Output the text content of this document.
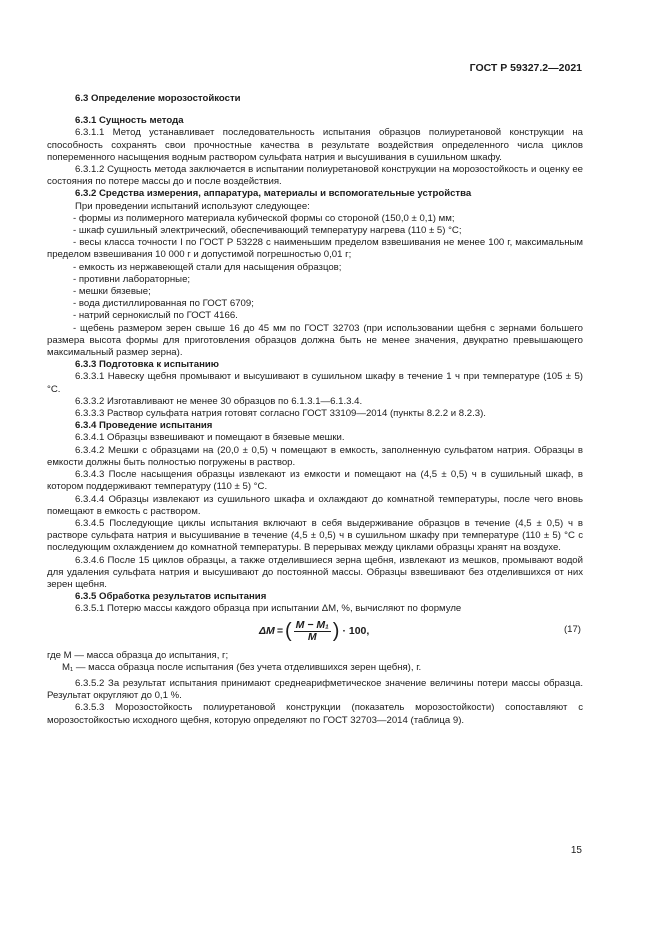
ГОСТ Р 59327.2—2021

6.3 Определение морозостойкости

6.3.1 Сущность метода

6.3.1.1 Метод устанавливает последовательность испытания образцов полиуретановой конструкции на способность сохранять свои прочностные качества в результате воздействия определенного числа циклов попеременного насыщения водным раствором сульфата натрия и высушивания в сушильном шкафу.

6.3.1.2 Сущность метода заключается в испытании полиуретановой конструкции на морозостойкость и оценку ее состояния по потере массы до и после воздействия.

6.3.2 Средства измерения, аппаратура, материалы и вспомогательные устройства

При проведении испытаний используют следующее:

- формы из полимерного материала кубической формы со стороной (150,0 ± 0,1) мм;

- шкаф сушильный электрический, обеспечивающий температуру нагрева (110 ± 5) °С;

- весы класса точности I по ГОСТ Р 53228 с наименьшим пределом взвешивания не менее 100 г, максимальным пределом взвешивания 10 000 г и допустимой погрешностью 0,01 г;

- емкость из нержавеющей стали для насыщения образцов;

- противни лабораторные;

- мешки бязевые;

- вода дистиллированная по ГОСТ 6709;

- натрий сернокислый по ГОСТ 4166.

- щебень размером зерен свыше 16 до 45 мм по ГОСТ 32703 (при использовании щебня с зернами большего размера высота формы для приготовления образцов должна быть не менее значения, двукратно превышающего максимальный размер зерна).

6.3.3 Подготовка к испытанию

6.3.3.1 Навеску щебня промывают и высушивают в сушильном шкафу в течение 1 ч при температуре (105 ± 5) °С.

6.3.3.2 Изготавливают не менее 30 образцов по 6.1.3.1—6.1.3.4.

6.3.3.3 Раствор сульфата натрия готовят согласно ГОСТ 33109—2014 (пункты 8.2.2 и 8.2.3).

6.3.4 Проведение испытания

6.3.4.1 Образцы взвешивают и помещают в бязевые мешки.

6.3.4.2 Мешки с образцами на (20,0 ± 0,5) ч помещают в емкость, заполненную сульфатом натрия. Образцы в емкости должны быть полностью погружены в раствор.

6.3.4.3 После насыщения образцы извлекают из емкости и помещают на (4,5 ± 0,5) ч в сушильный шкаф, в котором поддерживают температуру (110 ± 5) °С.

6.3.4.4 Образцы извлекают из сушильного шкафа и охлаждают до комнатной температуры, после чего вновь помещают в емкость с раствором.

6.3.4.5 Последующие циклы испытания включают в себя выдерживание образцов в течение (4,5 ± 0,5) ч в растворе сульфата натрия и высушивание в течение (4,5 ± 0,5) ч в сушильном шкафу при температуре (110 ± 5) °С с последующим охлаждением до комнатной температуры. В перерывах между циклами образцы хранят на воздухе.

6.3.4.6 После 15 циклов образцы, а также отделившиеся зерна щебня, извлекают из мешков, промывают водой для удаления сульфата натрия и высушивают до постоянной массы. Образцы взвешивают без отделившихся от них зерен щебня.

6.3.5 Обработка результатов испытания

6.3.5.1 Потерю массы каждого образца при испытании ΔM, %, вычисляют по формуле

ΔM = ( $\frac{\text{M − M₁}}{M}$ ) · 100,	(17)

где M — масса образца до испытания, г;

M₁ — масса образца после испытания (без учета отделившихся зерен щебня), г.

6.3.5.2 За результат испытания принимают среднеарифметическое значение величины потери массы образца. Результат округляют до 0,1 %.

6.3.5.3 Морозостойкость полиуретановой конструкции (показатель морозостойкости) сопоставляют с морозостойкостью исходного щебня, которую определяют по ГОСТ 32703—2014 (таблица 9).

15
